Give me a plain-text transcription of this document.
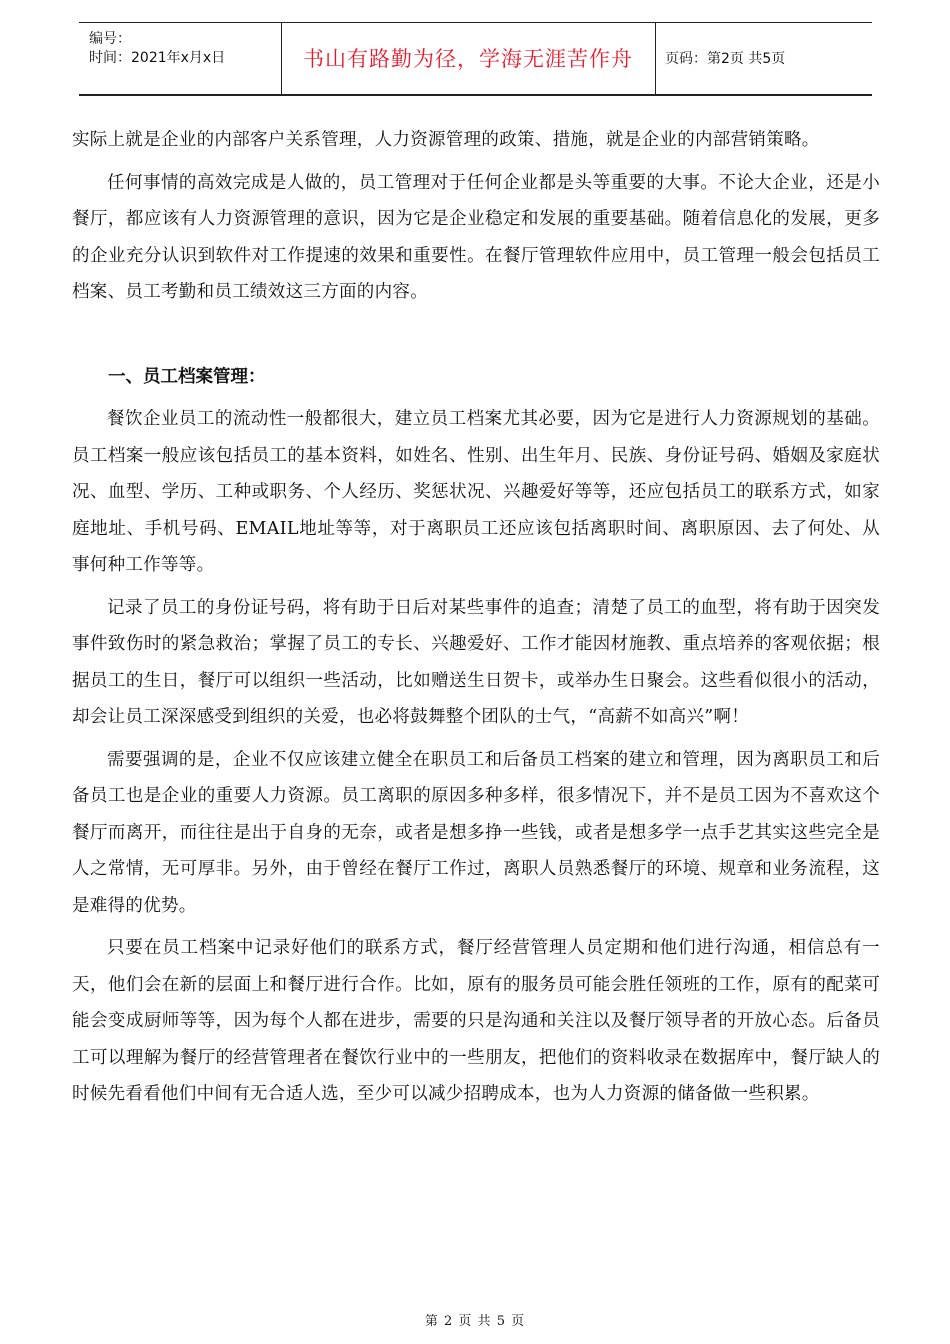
编号：
时间：2021年x月x日	书山有路勤为径，学海无涯苦作舟	页码：第2页 共5页

实际上就是企业的内部客户关系管理，人力资源管理的政策、措施，就是企业的内部营销策略。

任何事情的高效完成是人做的，员工管理对于任何企业都是头等重要的大事。不论大企业，还是小餐厅，都应该有人力资源管理的意识，因为它是企业稳定和发展的重要基础。随着信息化的发展，更多的企业充分认识到软件对工作提速的效果和重要性。在餐厅管理软件应用中，员工管理一般会包括员工档案、员工考勤和员工绩效这三方面的内容。

一、员工档案管理：

餐饮企业员工的流动性一般都很大，建立员工档案尤其必要，因为它是进行人力资源规划的基础。员工档案一般应该包括员工的基本资料，如姓名、性别、出生年月、民族、身份证号码、婚姻及家庭状况、血型、学历、工种或职务、个人经历、奖惩状况、兴趣爱好等等，还应包括员工的联系方式，如家庭地址、手机号码、EMAIL地址等等，对于离职员工还应该包括离职时间、离职原因、去了何处、从事何种工作等等。

记录了员工的身份证号码，将有助于日后对某些事件的追查；清楚了员工的血型，将有助于因突发事件致伤时的紧急救治；掌握了员工的专长、兴趣爱好、工作才能因材施教、重点培养的客观依据；根据员工的生日，餐厅可以组织一些活动，比如赠送生日贺卡，或举办生日聚会。这些看似很小的活动，却会让员工深深感受到组织的关爱，也必将鼓舞整个团队的士气，“高薪不如高兴”啊！

需要强调的是，企业不仅应该建立健全在职员工和后备员工档案的建立和管理，因为离职员工和后备员工也是企业的重要人力资源。员工离职的原因多种多样，很多情况下，并不是员工因为不喜欢这个餐厅而离开，而往往是出于自身的无奈，或者是想多挣一些钱，或者是想多学一点手艺其实这些完全是人之常情，无可厚非。另外，由于曾经在餐厅工作过，离职人员熟悉餐厅的环境、规章和业务流程，这是难得的优势。

只要在员工档案中记录好他们的联系方式，餐厅经营管理人员定期和他们进行沟通，相信总有一天，他们会在新的层面上和餐厅进行合作。比如，原有的服务员可能会胜任领班的工作，原有的配菜可能会变成厨师等等，因为每个人都在进步，需要的只是沟通和关注以及餐厅领导者的开放心态。后备员工可以理解为餐厅的经营管理者在餐饮行业中的一些朋友，把他们的资料收录在数据库中，餐厅缺人的时候先看看他们中间有无合适人选，至少可以减少招聘成本，也为人力资源的储备做一些积累。

第 2 页 共 5 页
